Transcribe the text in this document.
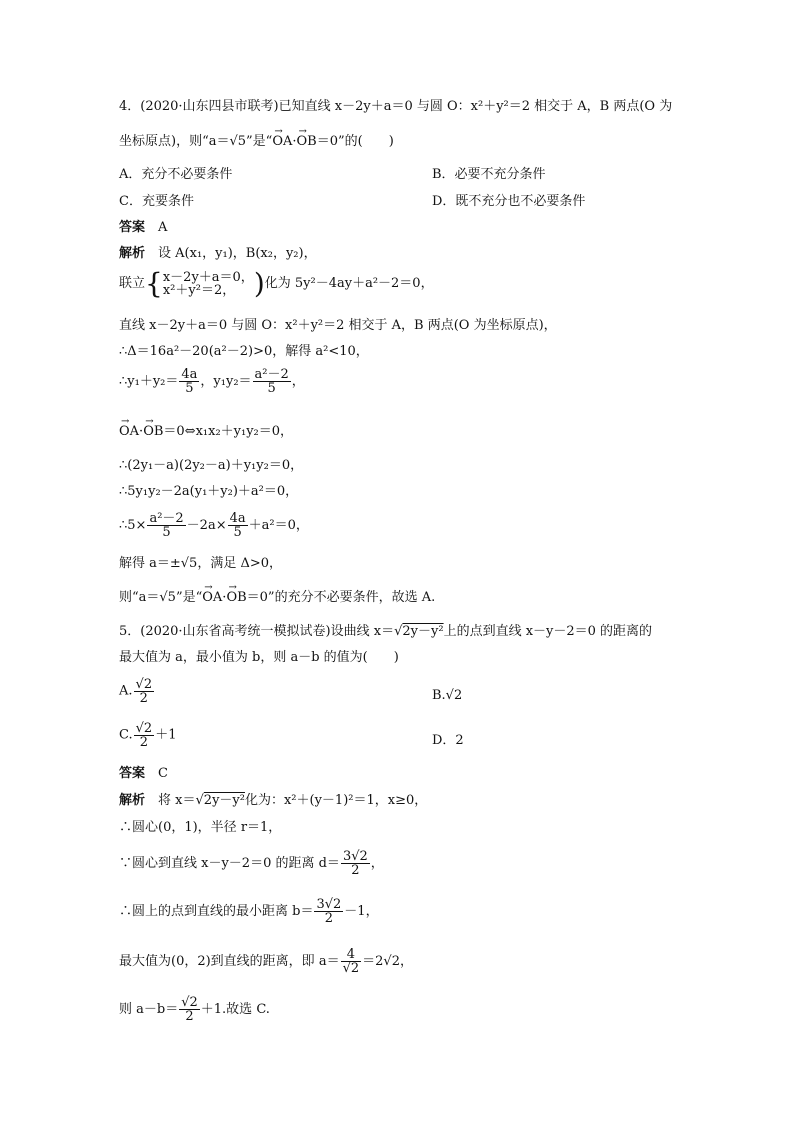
4．(2020·山东四县市联考)已知直线 x－2y＋a＝0 与圆 O：x²＋y²＝2 相交于 A，B 两点(O 为
坐标原点)，则“a＝√5”是“→ OA·→ OB＝0”的(　　)
A．充分不必要条件	B．必要不充分条件
C．充要条件	D．既不充分也不必要条件
答案　 A
解析　 设 A(x₁，y₁)，B(x₂，y₂)，
联立{ x－2y＋a＝0，
x²＋y²＝2， )化为 5y²－4ay＋a²－2＝0，
直线 x－2y＋a＝0 与圆 O：x²＋y²＝2 相交于 A，B 两点(O 为坐标原点)，
∴Δ＝16a²－20(a²－2)>0，解得 a²<10，
∴y₁＋y₂＝ $\frac{4a}{5}$ ，$y_1y_2= \frac{\text{a²－2}}{5}$ ，
→ OA·→ OB＝0⇔x₁x₂＋y₁y₂＝0，
∴(2y₁－a)(2y₂－a)＋y₁y₂＝0，
∴5y₁y₂－2a(y₁＋y₂)＋a²＝0，
∴5× $\frac{\text{a²－2}}{5} -2a\times \frac{4a}{5} +a^2=0$，
解得 a＝±√5，满足 Δ>0，
则“a＝√5”是“→ OA·→ OB＝0”的充分不必要条件，故选 A.
5．(2020·山东省高考统一模拟试卷)设曲线 x＝√2y－y²上的点到直线 x－y－2＝0 的距离的
最大值为 a，最小值为 b，则 a－b 的值为(　　)
A. $\frac{√2}{2}$	B.√2
C. $\frac{√2}{2} +1$	D．2
答案　 C
解析　 将 x＝√2y－y²化为：x²＋(y－1)²＝1，x≥0，
∴圆心(0，1)，半径 r＝1，
∵圆心到直线 x－y－2＝0 的距离 $d= \frac{3√2}{2}$ ，
∴圆上的点到直线的最小距离 $b= \frac{3√2}{2} -1$，
最大值为(0，2)到直线的距离，即 $a= \frac{4}{√2} =2√2$，
则 $a-b= \frac{√2}{2} +1$.故选 C.
